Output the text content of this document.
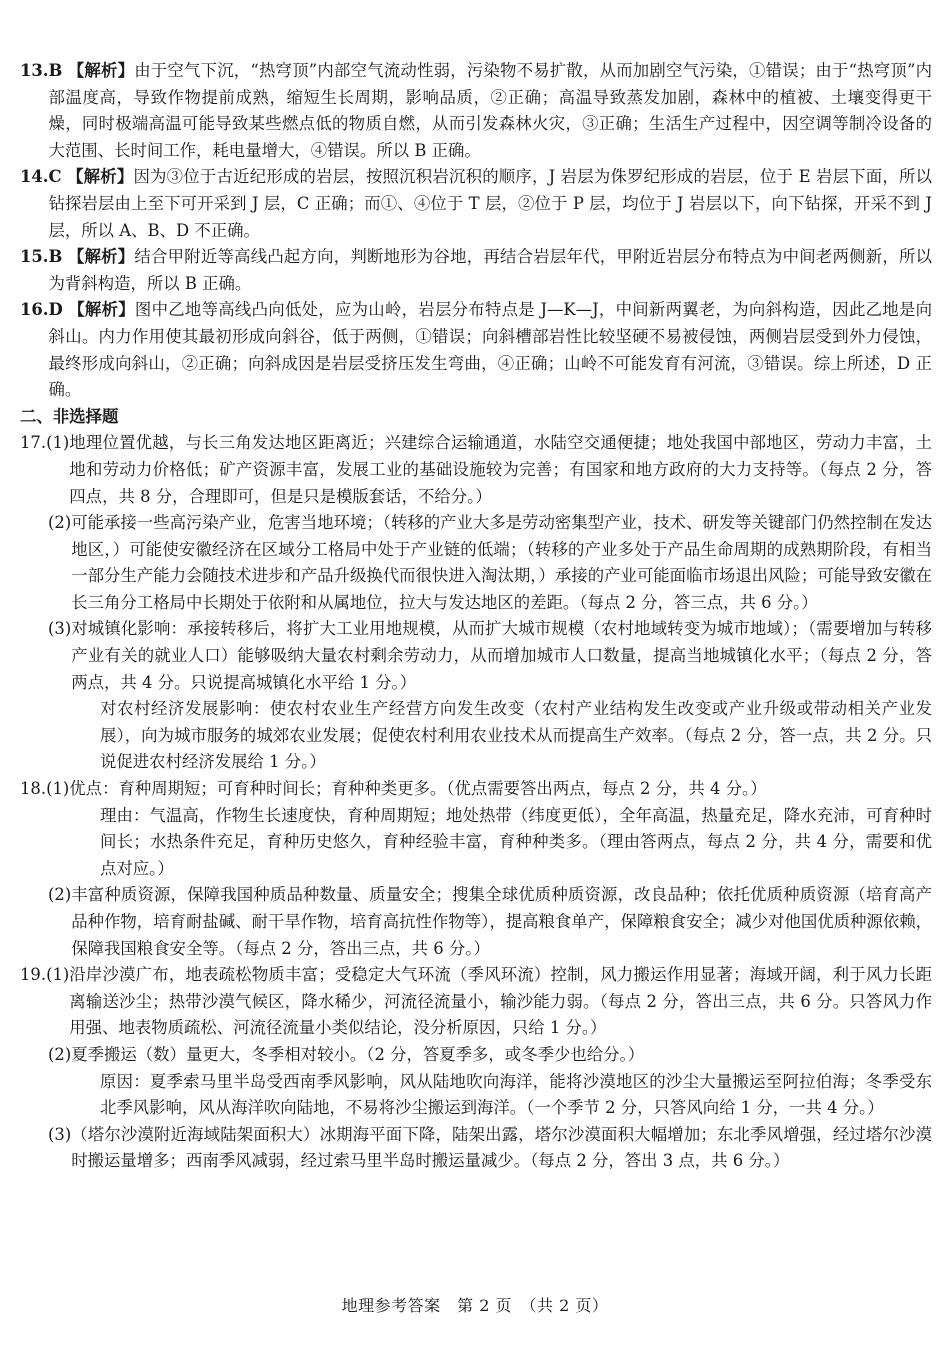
13. B 【解析】由于空气下沉，“热穹顶”内部空气流动性弱，污染物不易扩散，从而加剧空气污染，①错误；由于“热穹顶”内部温度高，导致作物提前成熟，缩短生长周期，影响品质，②正确；高温导致蒸发加剧，森林中的植被、土壤变得更干燥，同时极端高温可能导致某些燃点低的物质自燃，从而引发森林火灾，③正确；生活生产过程中，因空调等制冷设备的大范围、长时间工作，耗电量增大，④错误。所以 B 正确。
14. C 【解析】因为③位于古近纪形成的岩层，按照沉积岩沉积的顺序，J 岩层为侏罗纪形成的岩层，位于 E 岩层下面，所以钻探岩层由上至下可开采到 J 层，C 正确；而①、④位于 T 层，②位于 P 层，均位于 J 岩层以下，向下钻探，开采不到 J 层，所以 A、B、D 不正确。
15. B 【解析】结合甲附近等高线凸起方向，判断地形为谷地，再结合岩层年代，甲附近岩层分布特点为中间老两侧新，所以为背斜构造，所以 B 正确。
16. D 【解析】图中乙地等高线凸向低处，应为山岭，岩层分布特点是 J—K—J，中间新两翼老，为向斜构造，因此乙地是向斜山。内力作用使其最初形成向斜谷，低于两侧，①错误；向斜槽部岩性比较坚硬不易被侵蚀，两侧岩层受到外力侵蚀，最终形成向斜山，②正确；向斜成因是岩层受挤压发生弯曲，④正确；山岭不可能发育有河流，③错误。综上所述，D 正确。
二、非选择题
17. (1) 地理位置优越，与长三角发达地区距离近；兴建综合运输通道，水陆空交通便捷；地处我国中部地区，劳动力丰富，土地和劳动力价格低；矿产资源丰富，发展工业的基础设施较为完善；有国家和地方政府的大力支持等。（每点 2 分，答四点，共 8 分，合理即可，但是只是模版套话，不给分。）
(2) 可能承接一些高污染产业，危害当地环境；（转移的产业大多是劳动密集型产业，技术、研发等关键部门仍然控制在发达地区，）可能使安徽经济在区域分工格局中处于产业链的低端；（转移的产业多处于产品生命周期的成熟期阶段，有相当一部分生产能力会随技术进步和产品升级换代而很快进入淘汰期，）承接的产业可能面临市场退出风险；可能导致安徽在长三角分工格局中长期处于依附和从属地位，拉大与发达地区的差距。（每点 2 分，答三点，共 6 分。）
(3) 对城镇化影响：承接转移后，将扩大工业用地规模，从而扩大城市规模（农村地域转变为城市地域）；（需要增加与转移产业有关的就业人口）能够吸纳大量农村剩余劳动力，从而增加城市人口数量，提高当地城镇化水平；（每点 2 分，答两点，共 4 分。只说提高城镇化水平给 1 分。）
对农村经济发展影响：使农村农业生产经营方向发生改变（农村产业结构发生改变或产业升级或带动相关产业发展），向为城市服务的城郊农业发展；促使农村利用农业技术从而提高生产效率。（每点 2 分，答一点，共 2 分。只说促进农村经济发展给 1 分。）
18. (1) 优点：育种周期短；可育种时间长；育种种类更多。（优点需要答出两点，每点 2 分，共 4 分。）
理由：气温高，作物生长速度快，育种周期短；地处热带（纬度更低），全年高温，热量充足，降水充沛，可育种时间长；水热条件充足，育种历史悠久，育种经验丰富，育种种类多。（理由答两点，每点 2 分，共 4 分，需要和优点对应。）
(2) 丰富种质资源，保障我国种质品种数量、质量安全；搜集全球优质种质资源，改良品种；依托优质种质资源（培育高产品种作物，培育耐盐碱、耐干旱作物，培育高抗性作物等），提高粮食单产，保障粮食安全；减少对他国优质种源依赖，保障我国粮食安全等。（每点 2 分，答出三点，共 6 分。）
19. (1) 沿岸沙漠广布，地表疏松物质丰富；受稳定大气环流（季风环流）控制，风力搬运作用显著；海域开阔，利于风力长距离输送沙尘；热带沙漠气候区，降水稀少，河流径流量小，输沙能力弱。（每点 2 分，答出三点，共 6 分。只答风力作用强、地表物质疏松、河流径流量小类似结论，没分析原因，只给 1 分。）
(2) 夏季搬运（数）量更大，冬季相对较小。（2 分，答夏季多，或冬季少也给分。）
原因：夏季索马里半岛受西南季风影响，风从陆地吹向海洋，能将沙漠地区的沙尘大量搬运至阿拉伯海；冬季受东北季风影响，风从海洋吹向陆地，不易将沙尘搬运到海洋。（一个季节 2 分，只答风向给 1 分，一共 4 分。）
(3) （塔尔沙漠附近海域陆架面积大）冰期海平面下降，陆架出露，塔尔沙漠面积大幅增加；东北季风增强，经过塔尔沙漠时搬运量增多；西南季风减弱，经过索马里半岛时搬运量减少。（每点 2 分，答出 3 点，共 6 分。）
地理参考答案　第 2 页　（共 2 页）
